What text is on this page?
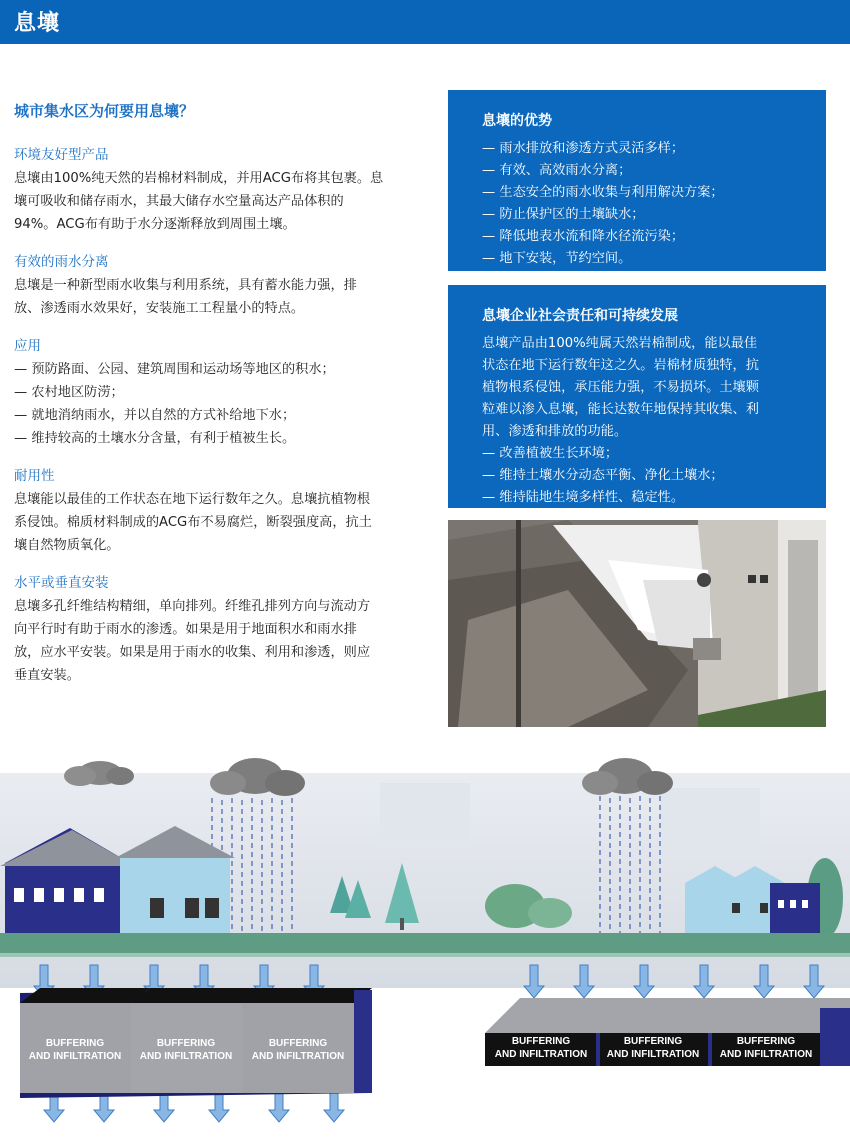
息壤
城市集水区为何要用息壤？
环境友好型产品
息壤由100%纯天然的岩棉材料制成，并用ACG布将其包裹。息
壤可吸收和储存雨水，其最大储存水空量高达产品体积的
94%。ACG布有助于水分逐渐释放到周围土壤。
有效的雨水分离
息壤是一种新型雨水收集与利用系统，具有蓄水能力强，排
放、渗透雨水效果好，安装施工工程量小的特点。
应用
— 预防路面、公园、建筑周围和运动场等地区的积水；
— 农村地区防涝；
— 就地消纳雨水，并以自然的方式补给地下水；
— 维持较高的土壤水分含量，有利于植被生长。
耐用性
息壤能以最佳的工作状态在地下运行数年之久。息壤抗植物根
系侵蚀。棉质材料制成的ACG布不易腐烂，断裂强度高，抗土
壤自然物质氧化。
水平或垂直安装
息壤多孔纤维结构精细，单向排列。纤维孔排列方向与流动方
向平行时有助于雨水的渗透。如果是用于地面积水和雨水排
放，应水平安装。如果是用于雨水的收集、利用和渗透，则应
垂直安装。
息壤的优势
— 雨水排放和渗透方式灵活多样；
— 有效、高效雨水分离；
— 生态安全的雨水收集与利用解决方案；
— 防止保护区的土壤缺水；
— 降低地表水流和降水径流污染；
— 地下安装，节约空间。
息壤企业社会责任和可持续发展
息壤产品由100%纯属天然岩棉制成，能以最佳
状态在地下运行数年这之久。岩棉材质独特，抗
植物根系侵蚀，承压能力强，不易损坏。土壤颗
粒难以渗入息壤，能长达数年地保持其收集、利
用、渗透和排放的功能。
— 改善植被生长环境；
— 维持土壤水分动态平衡、净化土壤水；
— 维持陆地生境多样性、稳定性。
BUFFERING
AND INFILTRATION
BUFFERING
AND INFILTRATION
BUFFERING
AND INFILTRATION
BUFFERING
AND INFILTRATION
BUFFERING
AND INFILTRATION
BUFFERING
AND INFILTRATION
